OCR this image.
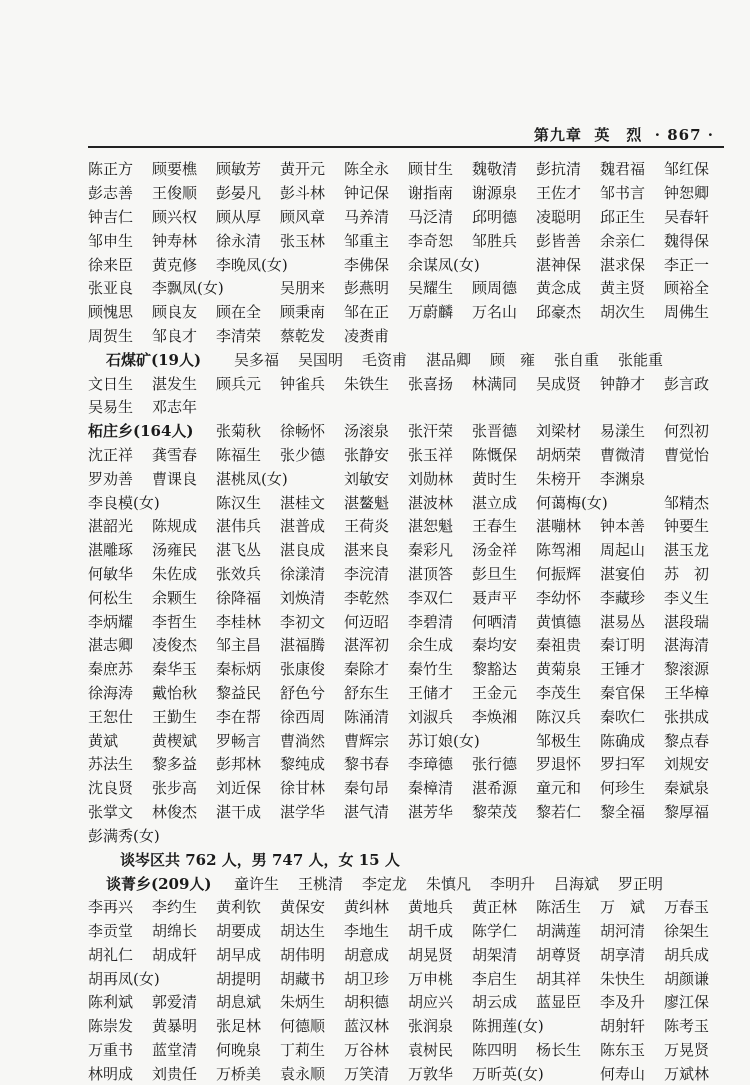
第九章 英　烈 · 867 ·
陈正方	顾要樵	顾敏芳	黄开元	陈全永	顾甘生	魏敬清	彭抗清	魏君福	邹红保
彭志善	王俊顺	彭晏凡	彭斗林	钟记保	谢指南	谢源泉	王佐才	邹书言	钟恕卿
钟吉仁	顾兴权	顾从厚	顾风章	马养清	马泛清	邱明德	凌聪明	邱正生	吴春轩
邹申生	钟寿林	徐永清	张玉林	邹重主	李奇恕	邹胜兵	彭皆善	余亲仁	魏得保
徐来臣	黄克修	李晚凤(女)	李佛保	余谋凤(女)	湛神保	湛求保	李正一
张亚良	李飘凤(女)	吴朋来	彭燕明	吴耀生	顾周德	黄念成	黄主贤	顾裕全
顾愧思	顾良友	顾在全	顾秉南	邹在正	万蔚麟	万名山	邱豪杰	胡次生	周佛生
周贺生	邹良才	李清荣	蔡乾发	凌赉甫
石煤矿(19人) 吴多福	吴国明	毛资甫	湛品卿	顾　雍	张自重	张能重
文日生	湛发生	顾兵元	钟雀兵	朱铁生	张喜扬	林满同	吴成贤	钟静才	彭言政
吴易生	邓志年
柘庄乡(164人) 张菊秋	徐畅怀	汤滚泉	张汗荣	张晋德	刘梁材	易漾生	何烈初
沈正祥	龚雪春	陈福生	张少德	张静安	张玉祥	陈慨保	胡炳荣	曹微清	曹觉怡
罗劝善	曹课良	湛桃凤(女)	刘敏安	刘勋林	黄时生	朱榜开	李渊泉
李良模(女)	陈汉生	湛桂文	湛鳌魁	湛波林	湛立成	何蔼梅(女)	邹精杰
湛韶光	陈规成	湛伟兵	湛普成	王荷炎	湛恕魁	王春生	湛嘣林	钟本善	钟要生
湛雕琢	汤雍民	湛飞丛	湛良成	湛来良	秦彩凡	汤金祥	陈驾湘	周起山	湛玉龙
何敏华	朱佐成	张效兵	徐漾清	李浣清	湛顶答	彭旦生	何振辉	湛宴伯	苏　初
何松生	余颗生	徐降福	刘焕清	李乾然	李双仁	聂声平	李幼怀	李藏珍	李义生
李炳耀	李哲生	李桂林	李初文	何迈昭	李碧清	何晒清	黄慎德	湛易丛	湛段瑞
湛志卿	凌俊杰	邹主昌	湛福腾	湛浑初	余生成	秦均安	秦祖贵	秦订明	湛海清
秦庶苏	秦华玉	秦标炳	张康俊	秦除才	秦竹生	黎豁达	黄菊泉	王锤才	黎滚源
徐海涛	戴怡秋	黎益民	舒色兮	舒东生	王储才	王金元	李茂生	秦官保	王华樟
王恕仕	王勤生	李在帮	徐西周	陈涌清	刘淑兵	李焕湘	陈汉兵	秦吹仁	张拱成
黄斌	黄楔斌	罗畅言	曹淌然	曹辉宗	苏订娘(女)	邹极生	陈确成	黎点春
苏法生	黎多益	彭邦林	黎纯成	黎书春	李璋德	张行德	罗退怀	罗扫军	刘规安
沈良贤	张步高	刘近保	徐甘林	秦句昂	秦樟清	湛希源	童元和	何珍生	秦斌泉
张掌文	林俊杰	湛干成	湛学华	湛气清	湛芳华	黎荣茂	黎若仁	黎全福	黎厚福
彭满秀(女)
谈岑区共 762 人，男 747 人，女 15 人
谈菁乡(209人) 童许生	王桃清	李定龙	朱慎凡	李明升	吕海斌	罗正明
李再兴	李约生	黄利钦	黄保安	黄纠林	黄地兵	黄正林	陈活生	万　斌	万春玉
李贡堂	胡绵长	胡要成	胡达生	李地生	胡千成	陈学仁	胡满莲	胡河清	徐架生
胡礼仁	胡成轩	胡早成	胡伟明	胡意成	胡晃贤	胡架清	胡尊贤	胡享清	胡兵成
胡再凤(女)	胡提明	胡藏书	胡卫珍	万申桃	李启生	胡其祥	朱快生	胡颜谦
陈利斌	郭爱清	胡息斌	朱炳生	胡积德	胡应兴	胡云成	蓝显臣	李及升	廖江保
陈崇发	黄暴明	张足林	何德顺	蓝汉林	张润泉	陈拥莲(女)	胡射轩	陈考玉
万重书	蓝堂清	何晚泉	丁莉生	万谷林	袁树民	陈四明	杨长生	陈东玉	万晃贤
林明成	刘贵任	万桥美	袁永顺	万笑清	万敦华	万昕英(女)	何寿山	万斌林
